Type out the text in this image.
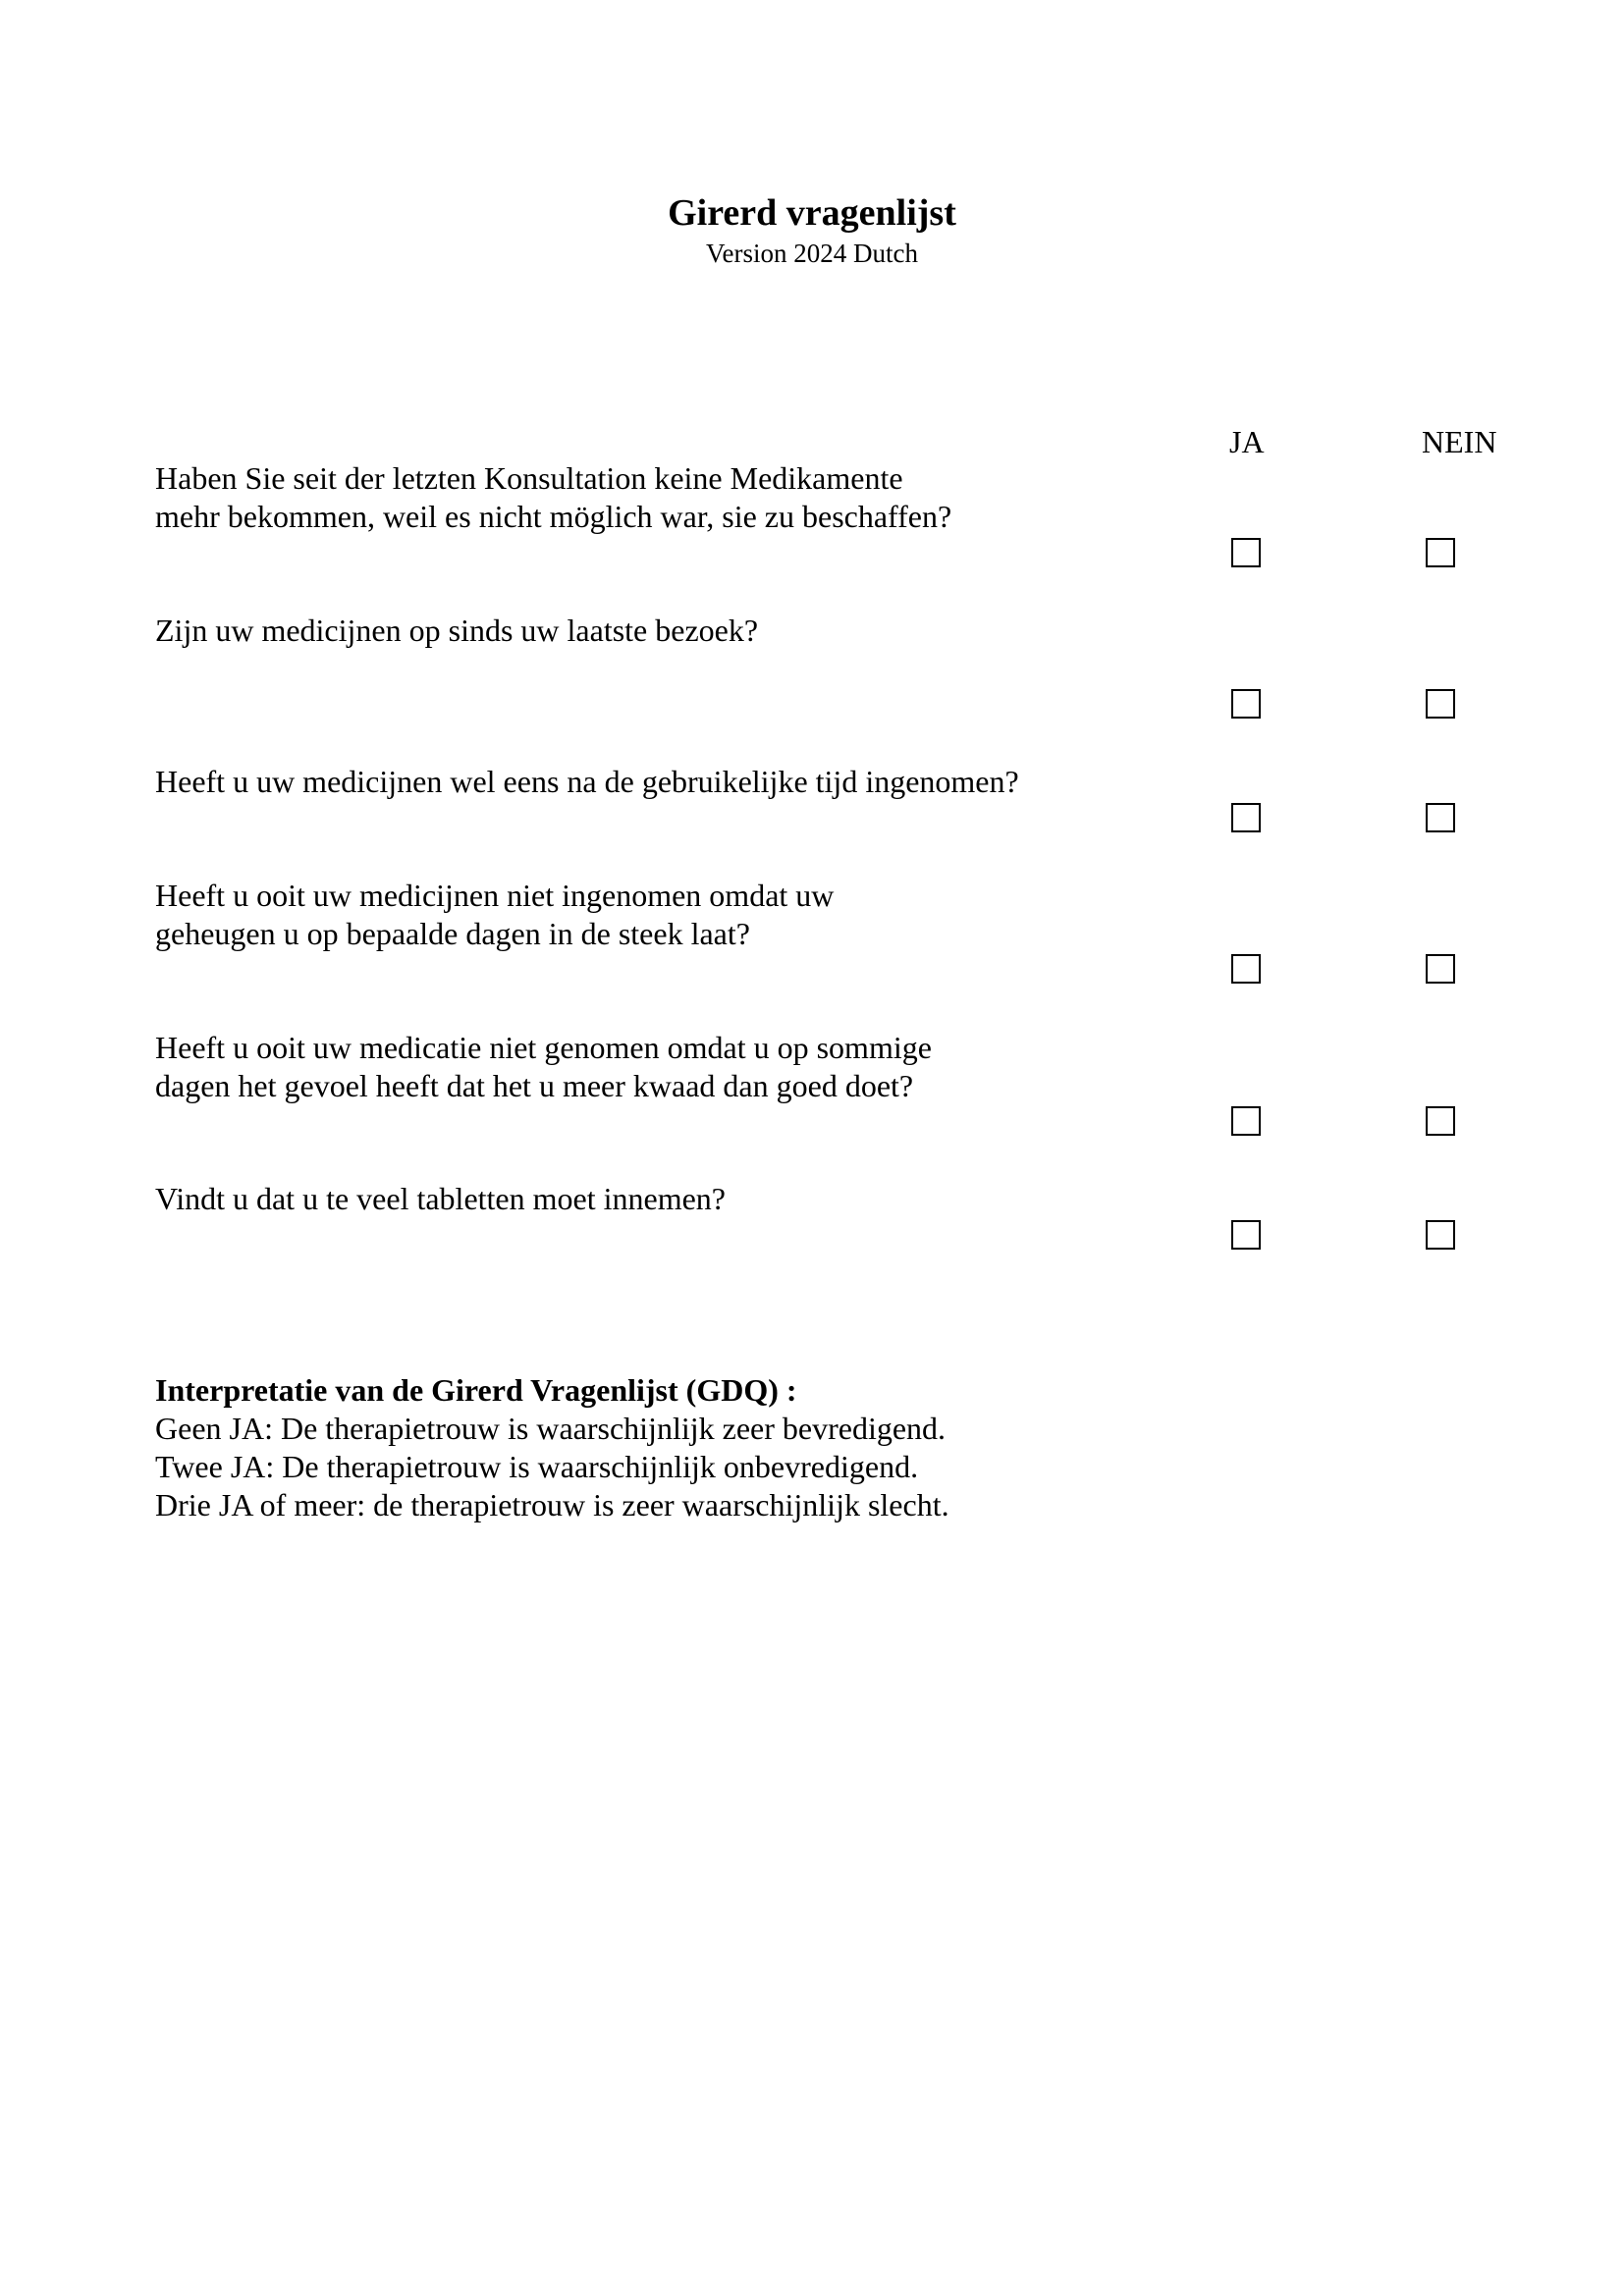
Girerd vragenlijst
Version 2024 Dutch
JA	NEIN
Haben Sie seit der letzten Konsultation keine Medikamente
mehr bekommen, weil es nicht möglich war, sie zu beschaffen?
Zijn uw medicijnen op sinds uw laatste bezoek?
Heeft u uw medicijnen wel eens na de gebruikelijke tijd ingenomen?
Heeft u ooit uw medicijnen niet ingenomen omdat uw
geheugen u op bepaalde dagen in de steek laat?
Heeft u ooit uw medicatie niet genomen omdat u op sommige
dagen het gevoel heeft dat het u meer kwaad dan goed doet?
Vindt u dat u te veel tabletten moet innemen?
Interpretatie van de Girerd Vragenlijst (GDQ) :
Geen JA: De therapietrouw is waarschijnlijk zeer bevredigend.
Twee JA: De therapietrouw is waarschijnlijk onbevredigend.
Drie JA of meer: de therapietrouw is zeer waarschijnlijk slecht.
